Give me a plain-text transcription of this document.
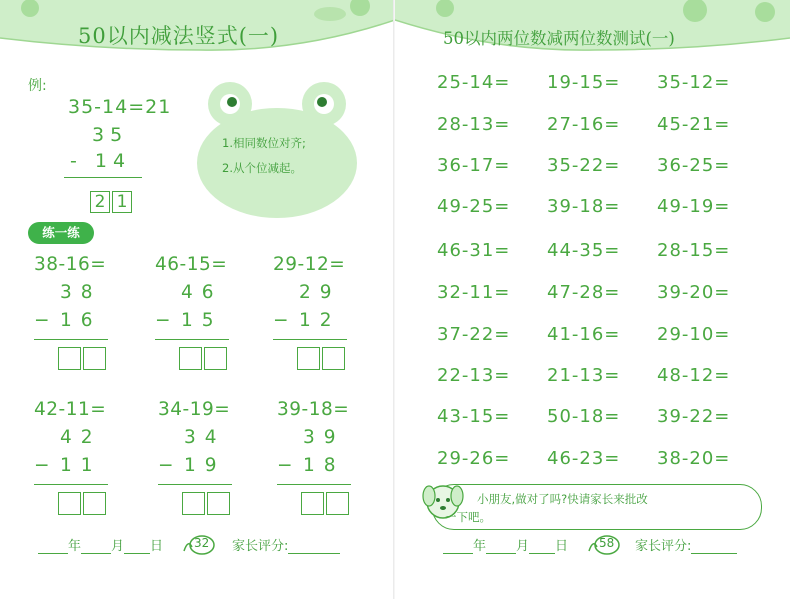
50以内减法竖式(一)
例:
35-14=21
35
- 14
2 1
1.相同数位对齐;
2.从个位减起。
练一练
38-16=
38
− 16
46-15=
46
− 15
29-12=
29
− 12
42-11=
42
− 11
34-19=
34
− 19
39-18=
39
− 18
年 月 日	32 家长评分:
50以内两位数减两位数测试(一)
25-14=	19-15=	35-12=
28-13=	27-16=	45-21=
36-17=	35-22=	36-25=
49-25=	39-18=	49-19=
46-31=	44-35=	28-15=
32-11=	47-28=	39-20=
37-22=	41-16=	29-10=
22-13=	21-13=	48-12=
43-15=	50-18=	39-22=
29-26=	46-23=	38-20=
年 月 日	58 家长评分:
小朋友,做对了吗?快请家长来批改
一下吧。
